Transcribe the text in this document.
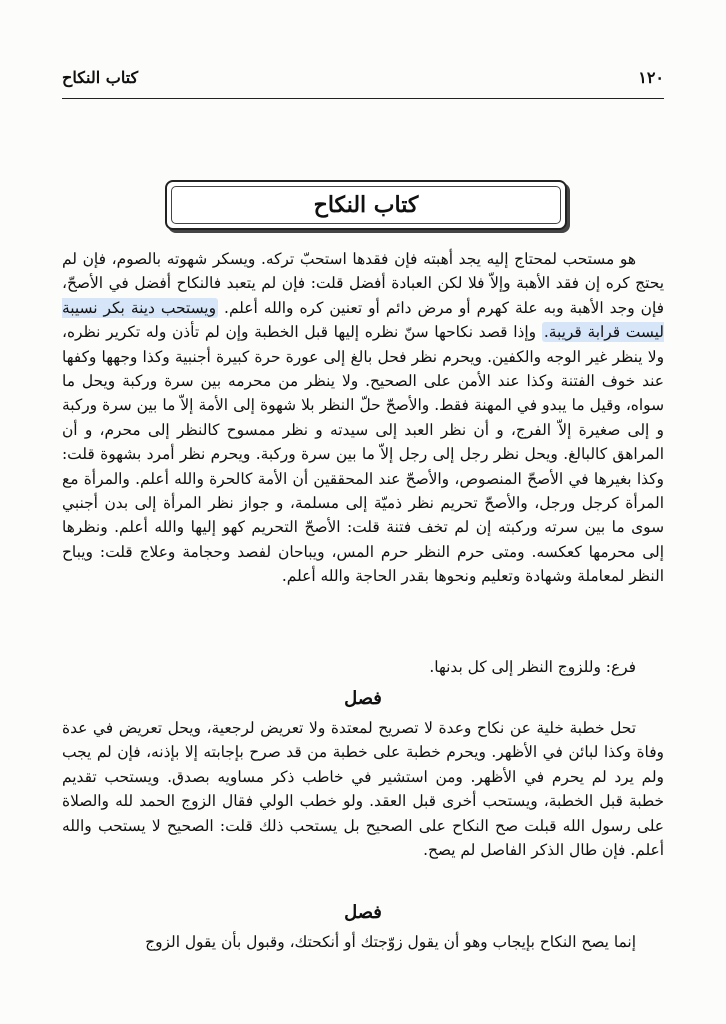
١٢٠
كتاب النكاح
كتاب النكاح

هو مستحب لمحتاج إليه يجد أهبته فإن فقدها استحبّ تركه. ويسكر شهوته بالصوم، فإن لم يحتج كره إن فقد الأهبة وإلاّ فلا لكن العبادة أفضل قلت: فإن لم يتعبد فالنكاح أفضل في الأصحّ، فإن وجد الأهبة وبه علة كهرم أو مرض دائم أو تعنين كره والله أعلم. ويستحب دينة بكر نسيبة ليست قرابة قريبة. وإذا قصد نكاحها سنّ نظره إليها قبل الخطبة وإن لم تأذن وله تكرير نظره، ولا ينظر غير الوجه والكفين. ويحرم نظر فحل بالغ إلى عورة حرة كبيرة أجنبية وكذا وجهها وكفها عند خوف الفتنة وكذا عند الأمن على الصحيح. ولا ينظر من محرمه بين سرة وركبة ويحل ما سواه، وقيل ما يبدو في المهنة فقط. والأصحّ حلّ النظر بلا شهوة إلى الأمة إلاّ ما بين سرة وركبة و إلى صغيرة إلاّ الفرج، و أن نظر العبد إلى سيدته و نظر ممسوح كالنظر إلى محرم، و أن المراهق كالبالغ. ويحل نظر رجل إلى رجل إلاّ ما بين سرة وركبة. ويحرم نظر أمرد بشهوة قلت: وكذا بغيرها في الأصحّ المنصوص، والأصحّ عند المحققين أن الأمة كالحرة والله أعلم. والمرأة مع المرأة كرجل ورجل، والأصحّ تحريم نظر ذميّة إلى مسلمة، و جواز نظر المرأة إلى بدن أجنبي سوى ما بين سرته وركبته إن لم تخف فتنة قلت: الأصحّ التحريم كهو إليها والله أعلم. ونظرها إلى محرمها كعكسه. ومتى حرم النظر حرم المس، ويباحان لفصد وحجامة وعلاج قلت: ويباح النظر لمعاملة وشهادة وتعليم ونحوها بقدر الحاجة والله أعلم.

فرع: وللزوج النظر إلى كل بدنها.

فصل

تحل خطبة خلية عن نكاح وعدة لا تصريح لمعتدة ولا تعريض لرجعية، ويحل تعريض في عدة وفاة وكذا لبائن في الأظهر. ويحرم خطبة على خطبة من قد صرح بإجابته إلا بإذنه، فإن لم يجب ولم يرد لم يحرم في الأظهر. ومن استشير في خاطب ذكر مساويه بصدق. ويستحب تقديم خطبة قبل الخطبة، ويستحب أخرى قبل العقد. ولو خطب الولي فقال الزوج الحمد لله والصلاة على رسول الله قبلت صح النكاح على الصحيح بل يستحب ذلك قلت: الصحيح لا يستحب والله أعلم. فإن طال الذكر الفاصل لم يصح.

فصل

إنما يصح النكاح بإيجاب وهو أن يقول زوّجتك أو أنكحتك، وقبول بأن يقول الزوج
